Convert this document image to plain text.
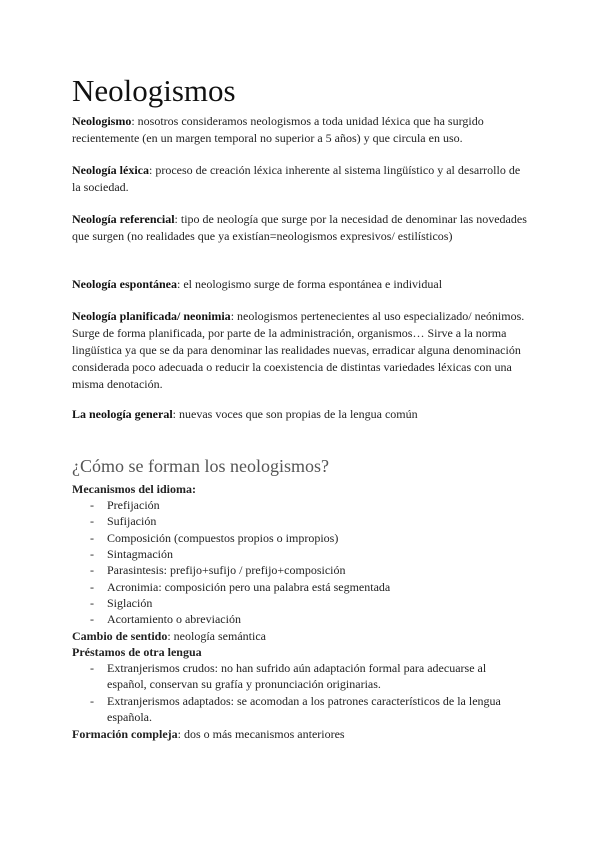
Neologismos

Neologismo: nosotros consideramos neologismos a toda unidad léxica que ha surgido recientemente (en un margen temporal no superior a 5 años) y que circula en uso.

Neología léxica: proceso de creación léxica inherente al sistema lingüístico y al desarrollo de la sociedad.

Neología referencial: tipo de neología que surge por la necesidad de denominar las novedades que surgen (no realidades que ya existían=neologismos expresivos/ estilísticos)

Neología espontánea: el neologismo surge de forma espontánea e individual

Neología planificada/ neonimia: neologismos pertenecientes al uso especializado/ neónimos. Surge de forma planificada, por parte de la administración, organismos… Sirve a la norma lingüística ya que se da para denominar las realidades nuevas, erradicar alguna denominación considerada poco adecuada o reducir la coexistencia de distintas variedades léxicas con una misma denotación.

La neología general: nuevas voces que son propias de la lengua común

¿Cómo se forman los neologismos?
Mecanismos del idioma:
-	Prefijación
-	Sufijación
-	Composición (compuestos propios o impropios)
-	Sintagmación
-	Parasintesis: prefijo+sufijo / prefijo+composición
-	Acronimia: composición pero una palabra está segmentada
-	Siglación
-	Acortamiento o abreviación
Cambio de sentido: neología semántica
Préstamos de otra lengua
-	Extranjerismos crudos: no han sufrido aún adaptación formal para adecuarse al español, conservan su grafía y pronunciación originarias.
-	Extranjerismos adaptados: se acomodan a los patrones característicos de la lengua española.
Formación compleja: dos o más mecanismos anteriores
